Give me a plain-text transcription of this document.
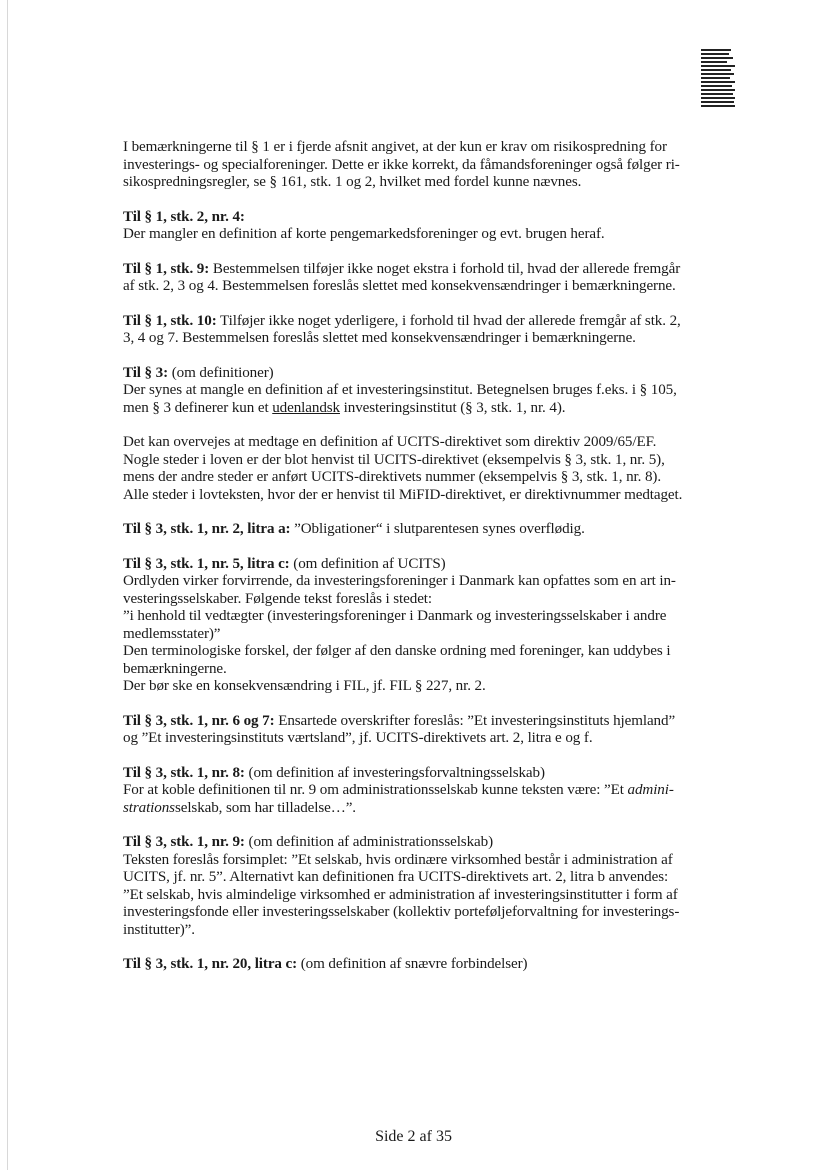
I bemærkningerne til § 1 er i fjerde afsnit angivet, at der kun er krav om risikospredning for
investerings- og specialforeninger. Dette er ikke korrekt, da fåmandsforeninger også følger ri-
sikospredningsregler, se § 161, stk. 1 og 2, hvilket med fordel kunne nævnes.
Til § 1, stk. 2, nr. 4:
Der mangler en definition af korte pengemarkedsforeninger og evt. brugen heraf.
Til § 1, stk. 9: Bestemmelsen tilføjer ikke noget ekstra i forhold til, hvad der allerede fremgår
af stk. 2, 3 og 4. Bestemmelsen foreslås slettet med konsekvensændringer i bemærkningerne.
Til § 1, stk. 10: Tilføjer ikke noget yderligere, i forhold til hvad der allerede fremgår af stk. 2,
3, 4 og 7. Bestemmelsen foreslås slettet med konsekvensændringer i bemærkningerne.
Til § 3: (om definitioner)
Der synes at mangle en definition af et investeringsinstitut. Betegnelsen bruges f.eks. i § 105,
men § 3 definerer kun et udenlandsk investeringsinstitut (§ 3, stk. 1, nr. 4).
Det kan overvejes at medtage en definition af UCITS-direktivet som direktiv 2009/65/EF.
Nogle steder i loven er der blot henvist til UCITS-direktivet (eksempelvis § 3, stk. 1, nr. 5),
mens der andre steder er anført UCITS-direktivets nummer (eksempelvis § 3, stk. 1, nr. 8).
Alle steder i lovteksten, hvor der er henvist til MiFID-direktivet, er direktivnummer medtaget.
Til § 3, stk. 1, nr. 2, litra a: ”Obligationer“ i slutparentesen synes overflødig.
Til § 3, stk. 1, nr. 5, litra c: (om definition af UCITS)
Ordlyden virker forvirrende, da investeringsforeninger i Danmark kan opfattes som en art in-
vesteringsselskaber. Følgende tekst foreslås i stedet:
”i henhold til vedtægter (investeringsforeninger i Danmark og investeringsselskaber i andre
medlemsstater)”
Den terminologiske forskel, der følger af den danske ordning med foreninger, kan uddybes i
bemærkningerne.
Der bør ske en konsekvensændring i FIL, jf. FIL § 227, nr. 2.
Til § 3, stk. 1, nr. 6 og 7: Ensartede overskrifter foreslås: ”Et investeringsinstituts hjemland”
og ”Et investeringsinstituts værtsland”, jf. UCITS-direktivets art. 2, litra e og f.
Til § 3, stk. 1, nr. 8: (om definition af investeringsforvaltningsselskab)
For at koble definitionen til nr. 9 om administrationsselskab kunne teksten være: ”Et admini-
strationsselskab, som har tilladelse…”.
Til § 3, stk. 1, nr. 9: (om definition af administrationsselskab)
Teksten foreslås forsimplet: ”Et selskab, hvis ordinære virksomhed består i administration af
UCITS, jf. nr. 5”. Alternativt kan definitionen fra UCITS-direktivets art. 2, litra b anvendes:
”Et selskab, hvis almindelige virksomhed er administration af investeringsinstitutter i form af
investeringsfonde eller investeringsselskaber (kollektiv porteføljeforvaltning for investerings-
institutter)”.
Til § 3, stk. 1, nr. 20, litra c: (om definition af snævre forbindelser)
Side 2 af 35
